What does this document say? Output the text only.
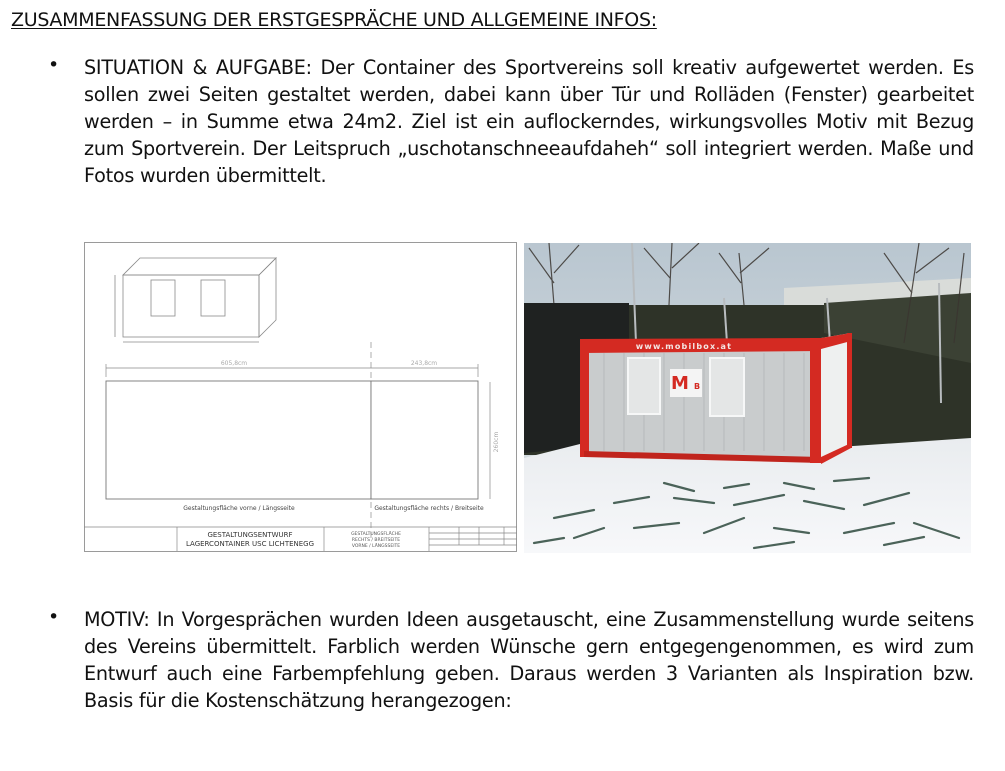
ZUSAMMENFASSUNG DER ERSTGESPRÄCHE UND ALLGEMEINE INFOS:
• SITUATION & AUFGABE: Der Container des Sportvereins soll kreativ aufgewertet werden. Es sollen zwei Seiten gestaltet werden, dabei kann über Tür und Rolläden (Fenster) gearbeitet werden – in Summe etwa 24m2. Ziel ist ein auflockerndes, wirkungsvolles Motiv mit Bezug zum Sportverein. Der Leitspruch „uschotanschneeaufdaheh“ soll integriert werden. Maße und Fotos wurden übermittelt.
605,8cm	243,8cm
260cm
Gestaltungsfläche vorne / Längsseite	Gestaltungsfläche rechts / Breitseite
GESTALTUNGSENTWURF
LAGERCONTAINER USC LICHTENEGG
GESTALTUNGSFLÄCHE
RECHTS / BREITSEITE
VORNE / LÄNGSSEITE
M B
www.mobilbox.at
• MOTIV: In Vorgesprächen wurden Ideen ausgetauscht, eine Zusammenstellung wurde seitens des Vereins übermittelt. Farblich werden Wünsche gern entgegengenommen, es wird zum Entwurf auch eine Farbempfehlung geben. Daraus werden 3 Varianten als Inspiration bzw. Basis für die Kostenschätzung herangezogen:
